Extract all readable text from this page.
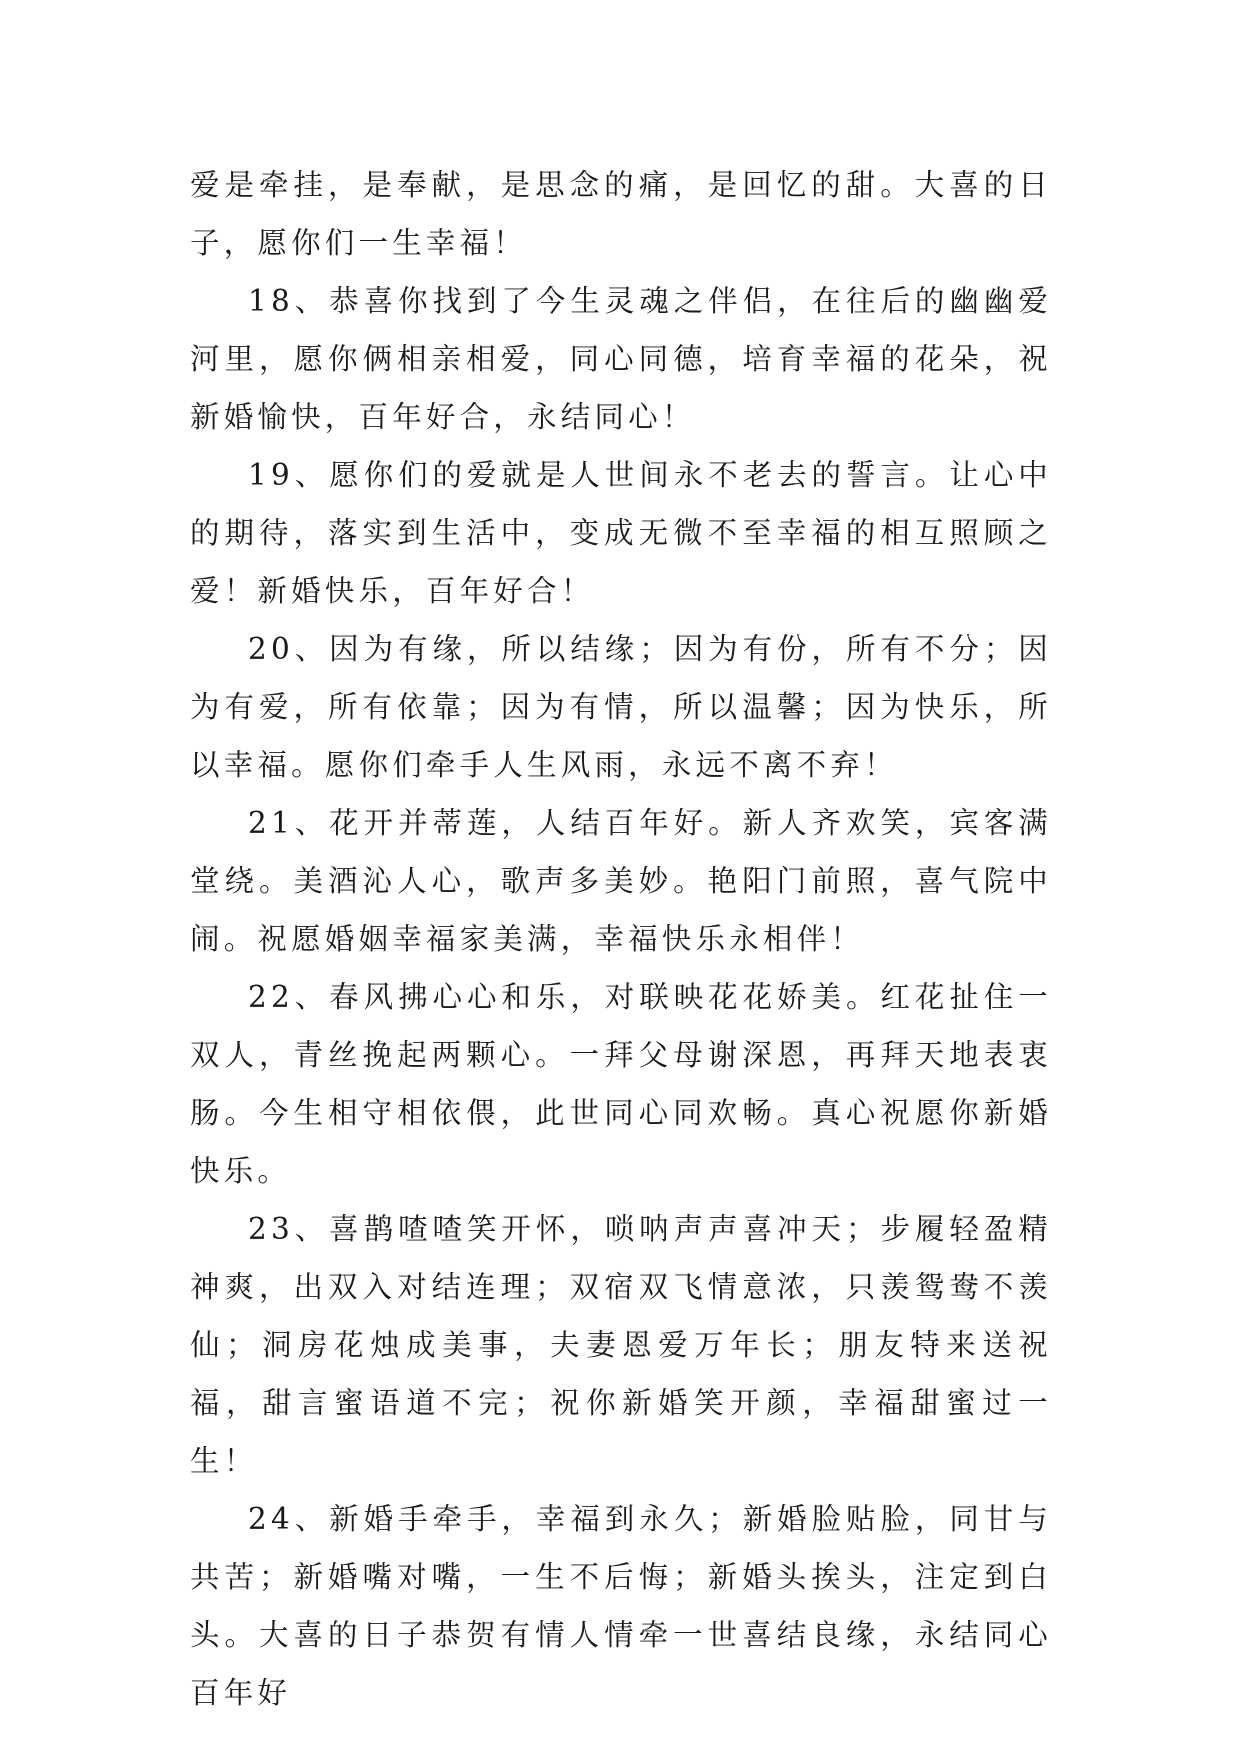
爱是牵挂，是奉献，是思念的痛，是回忆的甜。大喜的日子，愿你们一生幸福！

18、恭喜你找到了今生灵魂之伴侣，在往后的幽幽爱河里，愿你俩相亲相爱，同心同德，培育幸福的花朵，祝新婚愉快，百年好合，永结同心！

19、愿你们的爱就是人世间永不老去的誓言。让心中的期待，落实到生活中，变成无微不至幸福的相互照顾之爱！新婚快乐，百年好合！

20、因为有缘，所以结缘；因为有份，所有不分；因为有爱，所有依靠；因为有情，所以温馨；因为快乐，所以幸福。愿你们牵手人生风雨，永远不离不弃！

21、花开并蒂莲，人结百年好。新人齐欢笑，宾客满堂绕。美酒沁人心，歌声多美妙。艳阳门前照，喜气院中闹。祝愿婚姻幸福家美满，幸福快乐永相伴！

22、春风拂心心和乐，对联映花花娇美。红花扯住一双人，青丝挽起两颗心。一拜父母谢深恩，再拜天地表衷肠。今生相守相依偎，此世同心同欢畅。真心祝愿你新婚快乐。

23、喜鹊喳喳笑开怀，唢呐声声喜冲天；步履轻盈精神爽，出双入对结连理；双宿双飞情意浓，只羡鸳鸯不羡仙；洞房花烛成美事，夫妻恩爱万年长；朋友特来送祝福，甜言蜜语道不完；祝你新婚笑开颜，幸福甜蜜过一生！

24、新婚手牵手，幸福到永久；新婚脸贴脸，同甘与共苦；新婚嘴对嘴，一生不后悔；新婚头挨头，注定到白头。大喜的日子恭贺有情人情牵一世喜结良缘，永结同心百年好
